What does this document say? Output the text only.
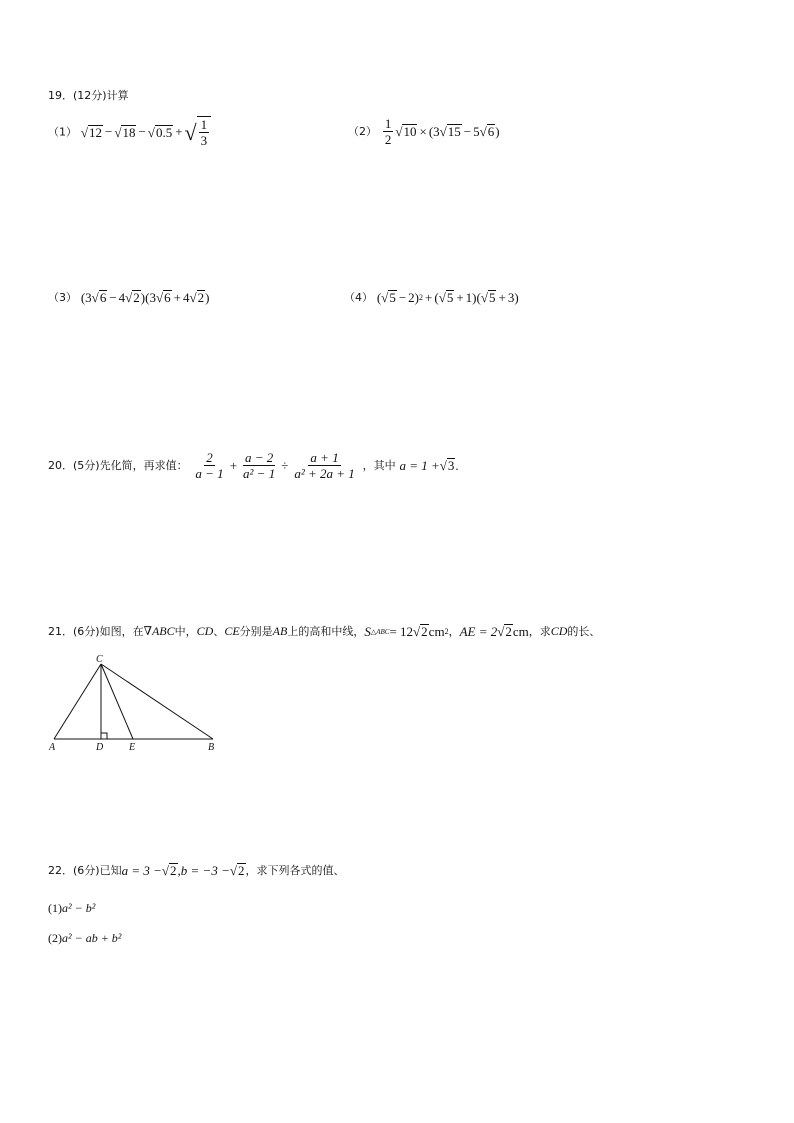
19．(12分)计算
（1） √ 12 − √ 18 − √ 0.5 + √ $\frac{1}{3}$	$(2) \frac{1}{2}$ √ 10 × ( 3 √ 15 − 5 √ 6 )
（3） ( 3 √ 6 − 4 √ 2 )( 3 √ 6 + 4 √ 2 )	（4） ( √ 5 − 2 ) 2 + ( √ 5 + 1 )( √ 5 + 3 )
20．(5分)先化简，再求值： $\frac{2}{a - 1} + \frac{a - 2}{\text{a² − 1}} \div \frac{a + 1}{\text{a² + 2a + 1}}$ ，其中 a = 1 + √ 3 .
21．(6分)如图，在∇ABC中，CD、CE分别是AB上的高和中线， S △ABC = 12 √ 2 cm 2 ， AE = 2 √ 2 cm ，求CD的长、
C
A	D	E	B
22．(6分)已知 a = 3 − √ 2 ,b = −3 − √ 2 ，求下列各式的值、
(1)a² − b²
(2)a² − ab + b²
